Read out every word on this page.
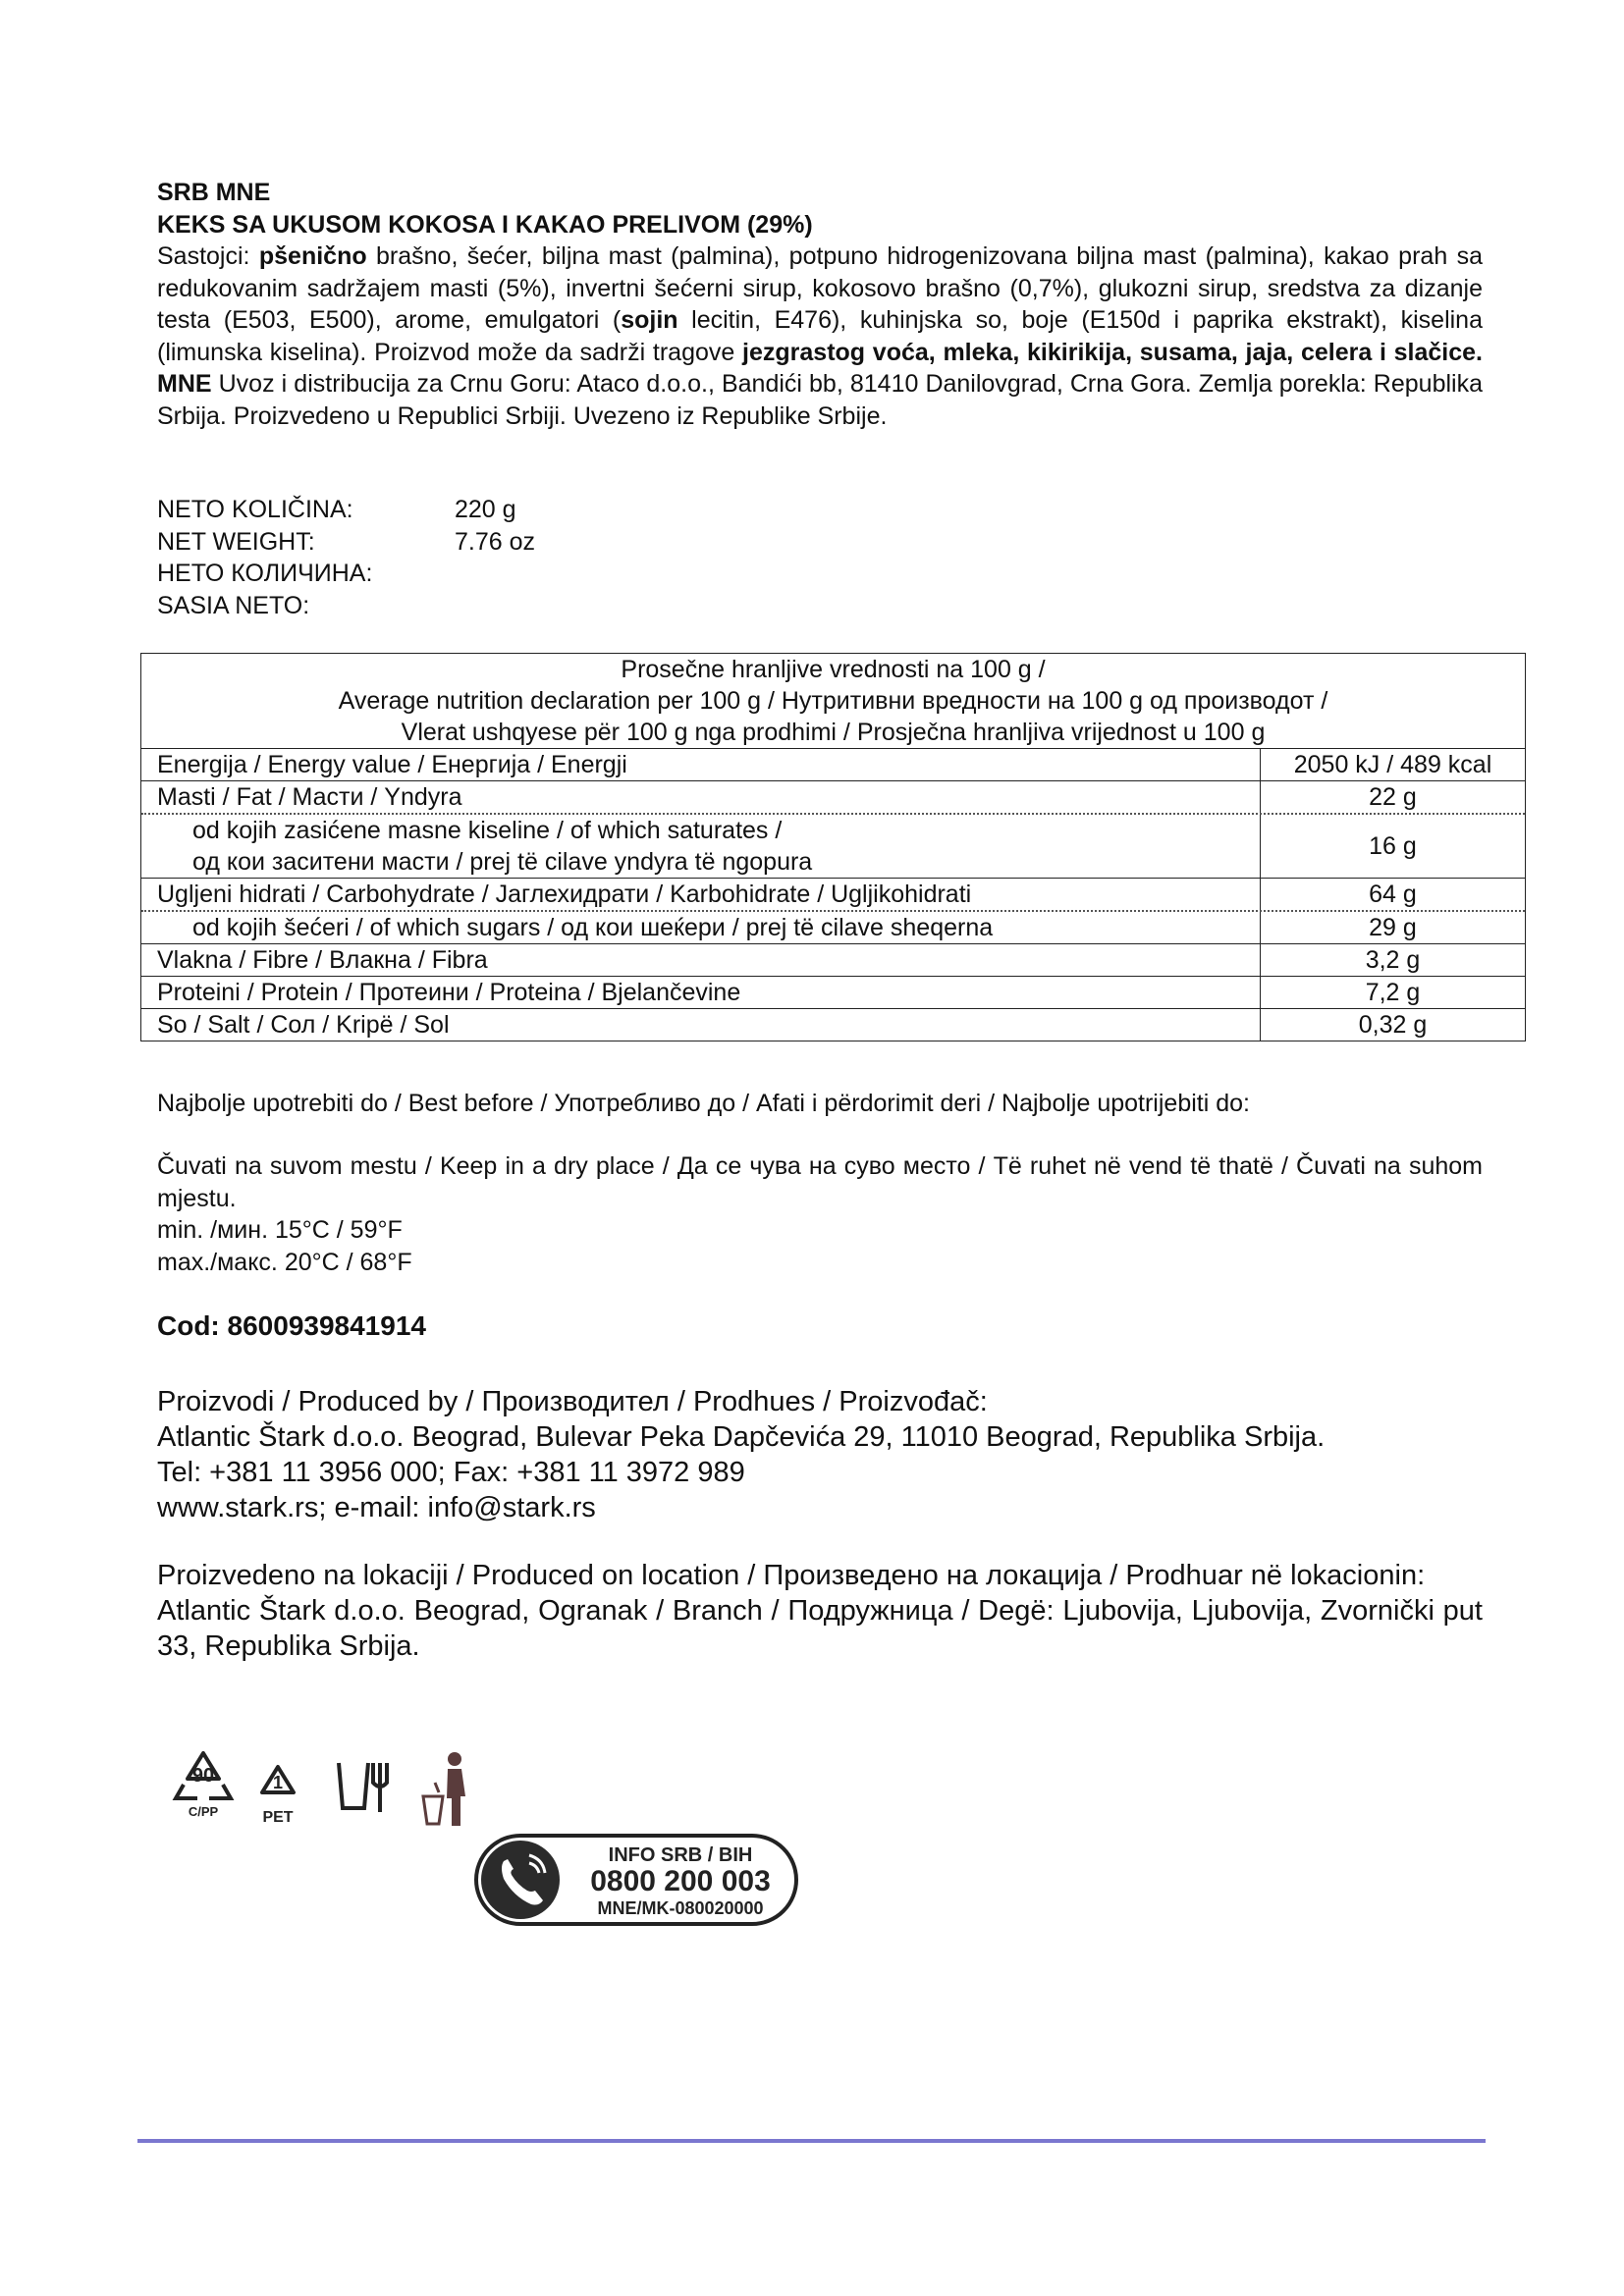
SRB MNE
KEKS SA UKUSOM KOKOSA I KAKAO PRELIVOM (29%)
Sastojci: pšenično brašno, šećer, biljna mast (palmina), potpuno hidrogenizovana biljna mast (palmina), kakao prah sa redukovanim sadržajem masti (5%), invertni šećerni sirup, kokosovo brašno (0,7%), glukozni sirup, sredstva za dizanje testa (E503, E500), arome, emulgatori (sojin lecitin, E476), kuhinjska so, boje (E150d i paprika ekstrakt), kiselina (limunska kiselina). Proizvod može da sadrži tragove jezgrastog voća, mleka, kikirikija, susama, jaja, celera i slačice. MNE Uvoz i distribucija za Crnu Goru: Ataco d.o.o., Bandići bb, 81410 Danilovgrad, Crna Gora. Zemlja porekla: Republika Srbija. Proizvedeno u Republici Srbiji. Uvezeno iz Republike Srbije.
NETO KOLIČINA:	220 g
NET WEIGHT:	7.76 oz
НЕТО КОЛИЧИНА:
SASIA NETO:
Prosečne hranljive vrednosti na 100 g /
Average nutrition declaration per 100 g / Нутритивни вредности на 100 g од производот /
Vlerat ushqyese për 100 g nga prodhimi / Prosječna hranljiva vrijednost u 100 g
Energija / Energy value / Енергија / Energji	2050 kJ / 489 kcal
Masti / Fat / Масти / Yndyra	22 g
od kojih zasićene masne kiseline / of which saturates /
од кои заситени масти / prej të cilave yndyra të ngopura
16 g
Ugljeni hidrati / Carbohydrate / Јаглехидрати / Karbohidrate / Ugljikohidrati	64 g
od kojih šećeri / of which sugars / од кои шеќери / prej të cilave sheqerna	29 g
Vlakna / Fibre / Влакна / Fibra	3,2 g
Proteini / Protein / Протеини / Proteina / Bjelančevine	7,2 g
So / Salt / Сол / Kripë / Sol	0,32 g
Najbolje upotrebiti do / Best before / Употребливо до / Afati i përdorimit deri / Najbolje upotrijebiti do:
Čuvati na suvom mestu / Keep in a dry place / Да се чува на суво место / Të ruhet në vend të thatë / Čuvati na suhom mjestu.
min. /мин. 15°C / 59°F
max./макс. 20°C / 68°F
Cod: 8600939841914
Proizvodi / Produced by / Производител / Prodhues / Proizvođač:
Atlantic Štark d.o.o. Beograd, Bulevar Peka Dapčevića 29, 11010 Beograd, Republika Srbija.
Tel: +381 11 3956 000; Fax: +381 11 3972 989
www.stark.rs; e-mail: info@stark.rs
Proizvedeno na lokaciji / Produced on location / Произведено на локација / Prodhuar në lokacionin:
Atlantic Štark d.o.o. Beograd, Ogranak / Branch / Подружница / Degë: Ljubovija, Ljubovija, Zvornički put 33, Republika Srbija.
90
C/PP
1
PET
INFO SRB / BIH
0800 200 003
MNE/MK-080020000
